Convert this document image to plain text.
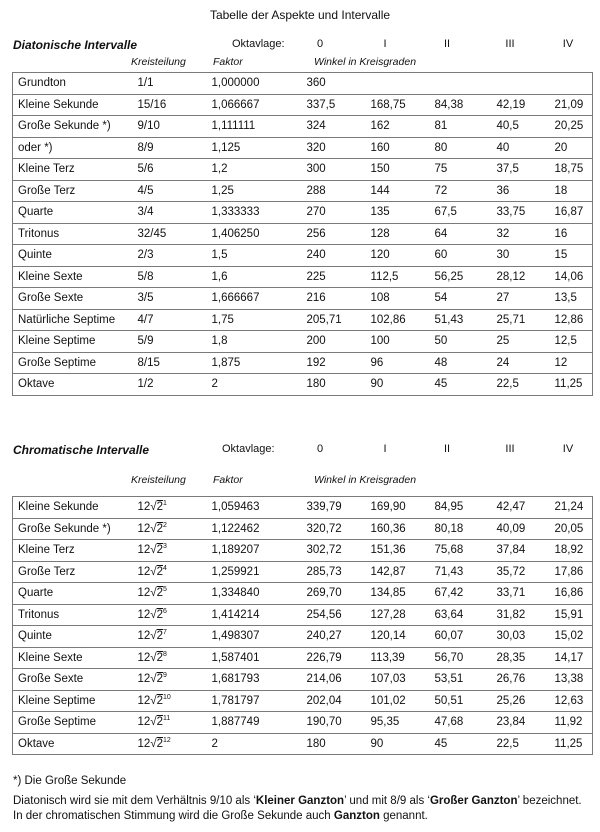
Tabelle der Aspekte und Intervalle
Diatonische Intervalle	Oktavlage:	0	I	II	III	IV
Kreisteilung	Faktor	Winkel in Kreisgraden
Grundton	1/1	1,000000	360				
Kleine Sekunde	15/16	1,066667	337,5	168,75	84,38	42,19	21,09
Große Sekunde *)	9/10	1,111111	324	162	81	40,5	20,25
oder *)	8/9	1,125	320	160	80	40	20
Kleine Terz	5/6	1,2	300	150	75	37,5	18,75
Große Terz	4/5	1,25	288	144	72	36	18
Quarte	3/4	1,333333	270	135	67,5	33,75	16,87
Tritonus	32/45	1,406250	256	128	64	32	16
Quinte	2/3	1,5	240	120	60	30	15
Kleine Sexte	5/8	1,6	225	112,5	56,25	28,12	14,06
Große Sexte	3/5	1,666667	216	108	54	27	13,5
Natürliche Septime	4/7	1,75	205,71	102,86	51,43	25,71	12,86
Kleine Septime	5/9	1,8	200	100	50	25	12,5
Große Septime	8/15	1,875	192	96	48	24	12
Oktave	1/2	2	180	90	45	22,5	11,25
Chromatische Intervalle	Oktavlage:	0	I	II	III	IV
Kreisteilung	Faktor	Winkel in Kreisgraden
Kleine Sekunde	$12√2^1$	1,059463	339,79	169,90	84,95	42,47	21,24
Große Sekunde *)	$12√2^2$	1,122462	320,72	160,36	80,18	40,09	20,05
Kleine Terz	$12√2^3$	1,189207	302,72	151,36	75,68	37,84	18,92
Große Terz	$12√2^4$	1,259921	285,73	142,87	71,43	35,72	17,86
Quarte	$12√2^5$	1,334840	269,70	134,85	67,42	33,71	16,86
Tritonus	$12√2^6$	1,414214	254,56	127,28	63,64	31,82	15,91
Quinte	$12√2^7$	1,498307	240,27	120,14	60,07	30,03	15,02
Kleine Sexte	$12√2^8$	1,587401	226,79	113,39	56,70	28,35	14,17
Große Sexte	$12√2^9$	1,681793	214,06	107,03	53,51	26,76	13,38
Kleine Septime	$12√2^{10}$	1,781797	202,04	101,02	50,51	25,26	12,63
Große Septime	$12√2^{11}$	1,887749	190,70	95,35	47,68	23,84	11,92
Oktave	$12√2^{12}$	2	180	90	45	22,5	11,25
*) Die Große Sekunde
Diatonisch wird sie mit dem Verhältnis 9/10 als ‘Kleiner Ganzton’ und mit 8/9 als ‘Großer Ganzton’ bezeichnet.
In der chromatischen Stimmung wird die Große Sekunde auch Ganzton genannt.
